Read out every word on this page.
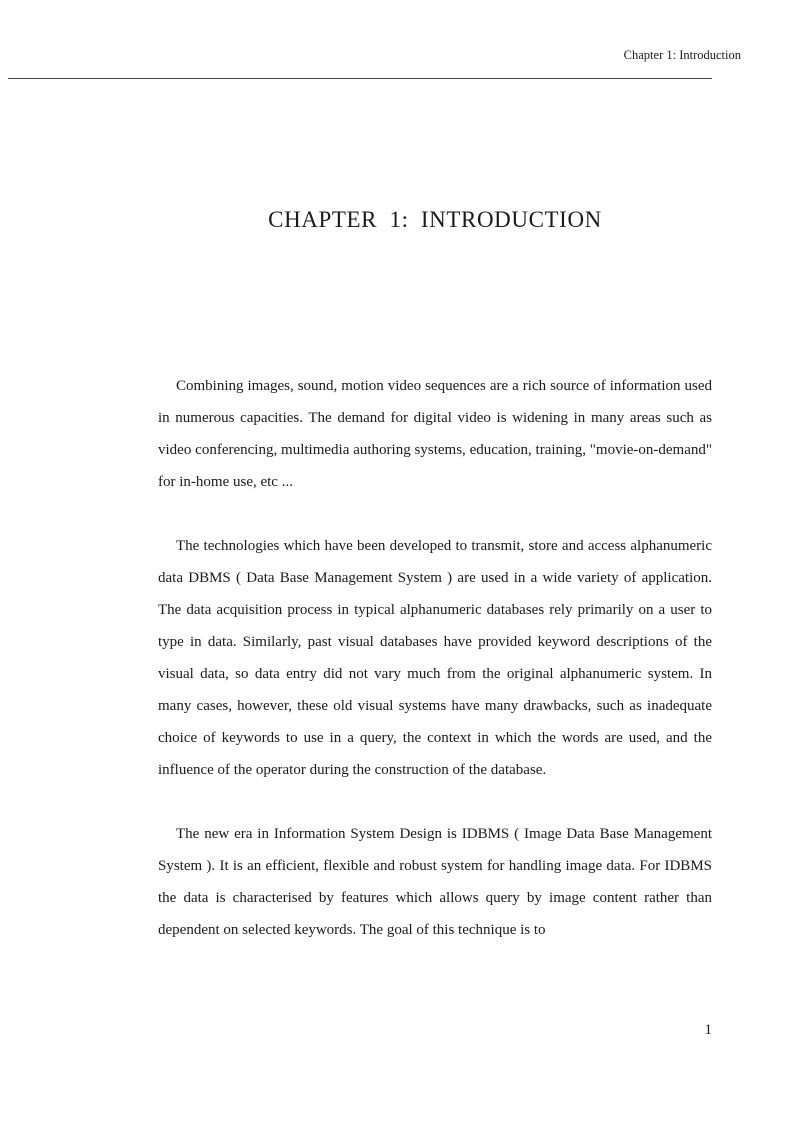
Chapter 1: Introduction
CHAPTER 1: INTRODUCTION

Combining images, sound, motion video sequences are a rich source of information used in numerous capacities. The demand for digital video is widening in many areas such as video conferencing, multimedia authoring systems, education, training, "movie-on-demand" for in-home use, etc ...

The technologies which have been developed to transmit, store and access alphanumeric data DBMS ( Data Base Management System ) are used in a wide variety of application. The data acquisition process in typical alphanumeric databases rely primarily on a user to type in data. Similarly, past visual databases have provided keyword descriptions of the visual data, so data entry did not vary much from the original alphanumeric system. In many cases, however, these old visual systems have many drawbacks, such as inadequate choice of keywords to use in a query, the context in which the words are used, and the influence of the operator during the construction of the database.

The new era in Information System Design is IDBMS ( Image Data Base Management System ). It is an efficient, flexible and robust system for handling image data. For IDBMS the data is characterised by features which allows query by image content rather than dependent on selected keywords. The goal of this technique is to

1
